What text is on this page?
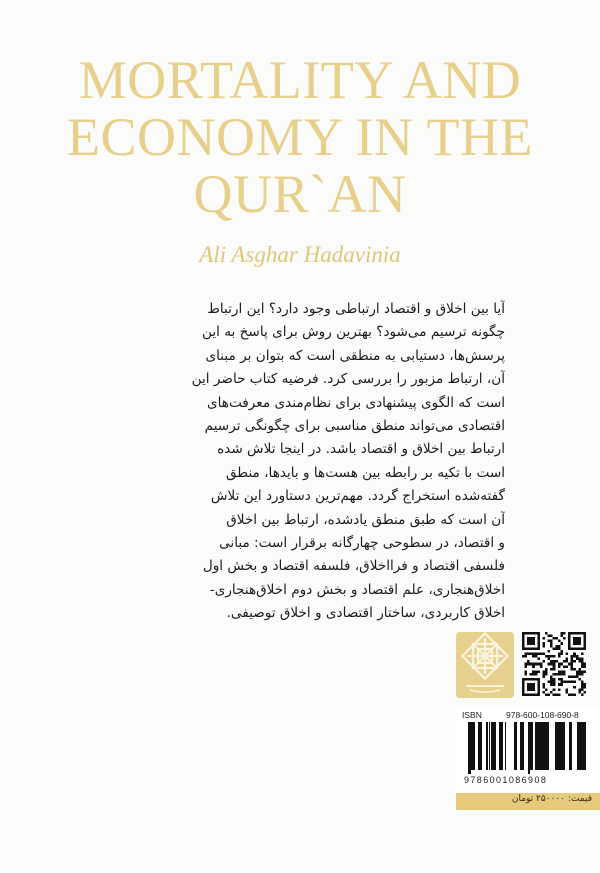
MORTALITY AND
ECONOMY IN THE
QUR`AN
Ali Asghar Hadavinia
آیا بین اخلاق و اقتصاد ارتباطی وجود دارد؟ این ارتباط
چگونه ترسیم می‌شود؟ بهترین روش برای پاسخ به این
پرسش‌ها، دستیابی به منطقی است که بتوان بر مبنای
آن، ارتباط مزبور را بررسی کرد. فرضیه کتاب حاضر این
است که الگوی پیشنهادی برای نظام‌مندی معرفت‌های
اقتصادی می‌تواند منطق مناسبی برای چگونگی ترسیم
ارتباط بین اخلاق و اقتصاد باشد. در اینجا تلاش شده
است با تکیه بر رابطه بین هست‌ها و بایدها، منطق
گفته‌شده استخراج گردد. مهم‌ترین دستاورد این تلاش
آن است که طبق منطق یادشده، ارتباط بین اخلاق
و اقتصاد، در سطوحی چهارگانه برقرار است: مبانی
فلسفی اقتصاد و فرااخلاق، فلسفه اقتصاد و بخش اول
اخلاق‌هنجاری، علم اقتصاد و بخش دوم اخلاق‌هنجاری-
اخلاق کاربردی، ساختار اقتصادی و اخلاق توصیفی.
ISBN	978-600-108-690-8
9786001086908
قیمت: ۲۵۰۰۰۰ تومان
